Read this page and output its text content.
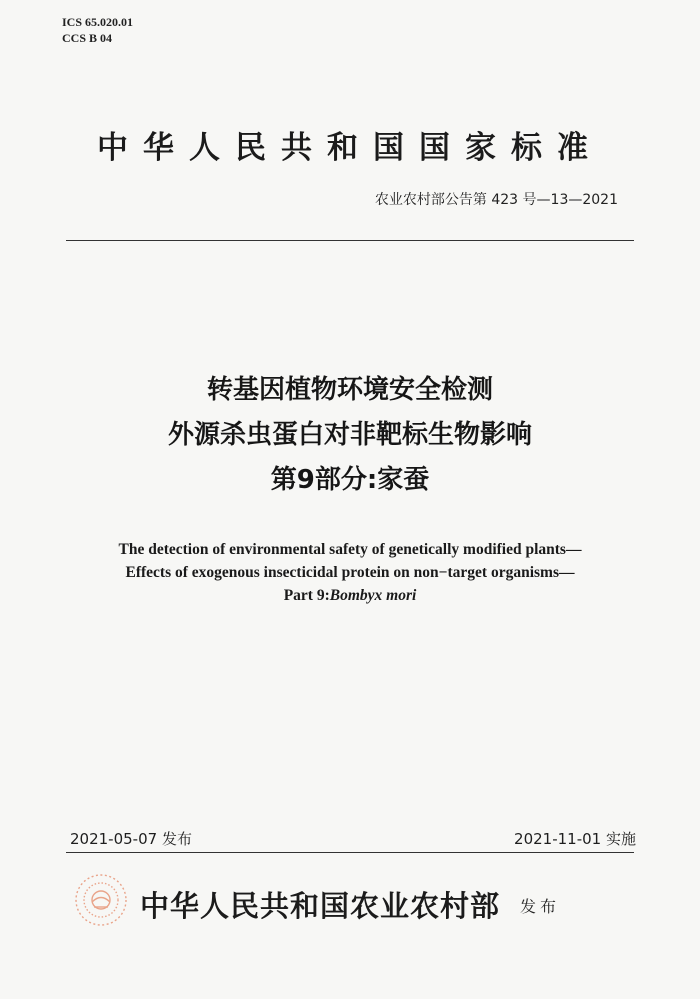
ICS 65.020.01
CCS B 04
中华人民共和国国家标准
农业农村部公告第 423 号—13—2021
转基因植物环境安全检测
外源杀虫蛋白对非靶标生物影响
第9部分:家蚕
The detection of environmental safety of genetically modified plants—
Effects of exogenous insecticidal protein on non−target organisms—
Part 9:Bombyx mori
2021-05-07 发布	2021-11-01 实施
中华人民共和国农业农村部 发布
